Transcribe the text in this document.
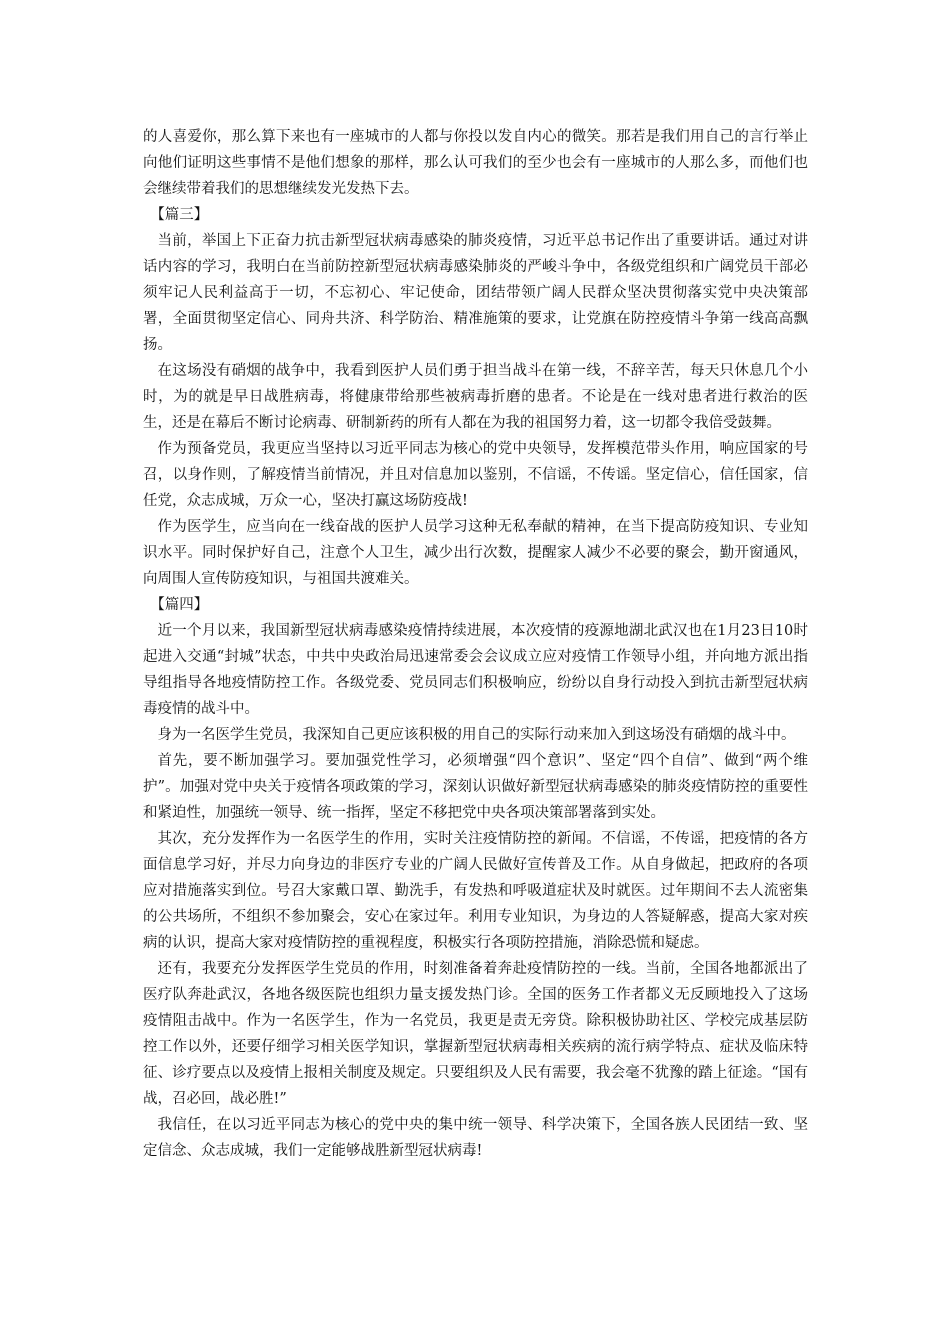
的人喜爱你，那么算下来也有一座城市的人都与你投以发自内心的微笑。那若是我们用自己的言行举止向他们证明这些事情不是他们想象的那样，那么认可我们的至少也会有一座城市的人那么多，而他们也会继续带着我们的思想继续发光发热下去。

【篇三】

当前，举国上下正奋力抗击新型冠状病毒感染的肺炎疫情，习近平总书记作出了重要讲话。通过对讲话内容的学习，我明白在当前防控新型冠状病毒感染肺炎的严峻斗争中，各级党组织和广阔党员干部必须牢记人民利益高于一切，不忘初心、牢记使命，团结带领广阔人民群众坚决贯彻落实党中央决策部署，全面贯彻坚定信心、同舟共济、科学防治、精准施策的要求，让党旗在防控疫情斗争第一线高高飘扬。

在这场没有硝烟的战争中，我看到医护人员们勇于担当战斗在第一线，不辞辛苦，每天只休息几个小时，为的就是早日战胜病毒，将健康带给那些被病毒折磨的患者。不论是在一线对患者进行救治的医生，还是在幕后不断讨论病毒、研制新药的所有人都在为我的祖国努力着，这一切都令我倍受鼓舞。

作为预备党员，我更应当坚持以习近平同志为核心的党中央领导，发挥模范带头作用，响应国家的号召，以身作则，了解疫情当前情况，并且对信息加以鉴别，不信谣，不传谣。坚定信心，信任国家，信任党，众志成城，万众一心，坚决打赢这场防疫战!

作为医学生，应当向在一线奋战的医护人员学习这种无私奉献的精神，在当下提高防疫知识、专业知识水平。同时保护好自己，注意个人卫生，减少出行次数，提醒家人减少不必要的聚会，勤开窗通风，向周围人宣传防疫知识，与祖国共渡难关。

【篇四】

近一个月以来，我国新型冠状病毒感染疫情持续进展，本次疫情的疫源地湖北武汉也在1月23日10时起进入交通“封城”状态，中共中央政治局迅速常委会会议成立应对疫情工作领导小组，并向地方派出指导组指导各地疫情防控工作。各级党委、党员同志们积极响应，纷纷以自身行动投入到抗击新型冠状病毒疫情的战斗中。

身为一名医学生党员，我深知自己更应该积极的用自己的实际行动来加入到这场没有硝烟的战斗中。

首先，要不断加强学习。要加强党性学习，必须增强“四个意识”、坚定“四个自信”、做到“两个维护”。加强对党中央关于疫情各项政策的学习，深刻认识做好新型冠状病毒感染的肺炎疫情防控的重要性和紧迫性，加强统一领导、统一指挥，坚定不移把党中央各项决策部署落到实处。

其次，充分发挥作为一名医学生的作用，实时关注疫情防控的新闻。不信谣，不传谣，把疫情的各方面信息学习好，并尽力向身边的非医疗专业的广阔人民做好宣传普及工作。从自身做起，把政府的各项应对措施落实到位。号召大家戴口罩、勤洗手，有发热和呼吸道症状及时就医。过年期间不去人流密集的公共场所，不组织不参加聚会，安心在家过年。利用专业知识，为身边的人答疑解惑，提高大家对疾病的认识，提高大家对疫情防控的重视程度，积极实行各项防控措施，消除恐慌和疑虑。

还有，我要充分发挥医学生党员的作用，时刻准备着奔赴疫情防控的一线。当前，全国各地都派出了医疗队奔赴武汉，各地各级医院也组织力量支援发热门诊。全国的医务工作者都义无反顾地投入了这场疫情阻击战中。作为一名医学生，作为一名党员，我更是责无旁贷。除积极协助社区、学校完成基层防控工作以外，还要仔细学习相关医学知识，掌握新型冠状病毒相关疾病的流行病学特点、症状及临床特征、诊疗要点以及疫情上报相关制度及规定。只要组织及人民有需要，我会毫不犹豫的踏上征途。“国有战，召必回，战必胜!”

我信任，在以习近平同志为核心的党中央的集中统一领导、科学决策下，全国各族人民团结一致、坚定信念、众志成城，我们一定能够战胜新型冠状病毒!
